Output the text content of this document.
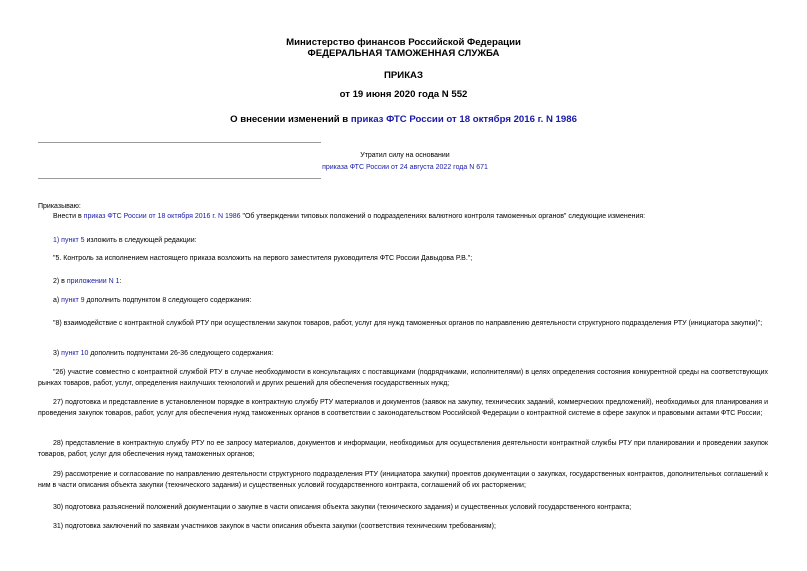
Министерство финансов Российской Федерации
ФЕДЕРАЛЬНАЯ ТАМОЖЕННАЯ СЛУЖБА
ПРИКАЗ
от 19 июня 2020 года N 552
О внесении изменений в приказ ФТС России от 18 октября 2016 г. N 1986
Утратил силу на основании
приказа ФТС России от 24 августа 2022 года N 671
Приказываю:
Внести в приказ ФТС России от 18 октября 2016 г. N 1986 "Об утверждении типовых положений о подразделениях валютного контроля таможенных органов" следующие изменения:
1) пункт 5 изложить в следующей редакции:
"5. Контроль за исполнением настоящего приказа возложить на первого заместителя руководителя ФТС России Давыдова Р.В.";
2) в приложении N 1:
а) пункт 9 дополнить подпунктом 8 следующего содержания:
"8) взаимодействие с контрактной службой РТУ при осуществлении закупок товаров, работ, услуг для нужд таможенных органов по направлению деятельности структурного подразделения РТУ (инициатора закупки)";
3) пункт 10 дополнить подпунктами 26-36 следующего содержания:
"26) участие совместно с контрактной службой РТУ в случае необходимости в консультациях с поставщиками (подрядчиками, исполнителями) в целях определения состояния конкурентной среды на соответствующих рынках товаров, работ, услуг, определения наилучших технологий и других решений для обеспечения государственных нужд;
27) подготовка и представление в установленном порядке в контрактную службу РТУ материалов и документов (заявок на закупку, технических заданий, коммерческих предложений), необходимых для планирования и проведения закупок товаров, работ, услуг для обеспечения нужд таможенных органов в соответствии с законодательством Российской Федерации о контрактной системе в сфере закупок и правовыми актами ФТС России;
28) представление в контрактную службу РТУ по ее запросу материалов, документов и информации, необходимых для осуществления деятельности контрактной службы РТУ при планировании и проведении закупок товаров, работ, услуг для обеспечения нужд таможенных органов;
29) рассмотрение и согласование по направлению деятельности структурного подразделения РТУ (инициатора закупки) проектов документации о закупках, государственных контрактов, дополнительных соглашений к ним в части описания объекта закупки (технического задания) и существенных условий государственного контракта, соглашений об их расторжении;
30) подготовка разъяснений положений документации о закупке в части описания объекта закупки (технического задания) и существенных условий государственного контракта;
31) подготовка заключений по заявкам участников закупок в части описания объекта закупки (соответствия техническим требованиям);
